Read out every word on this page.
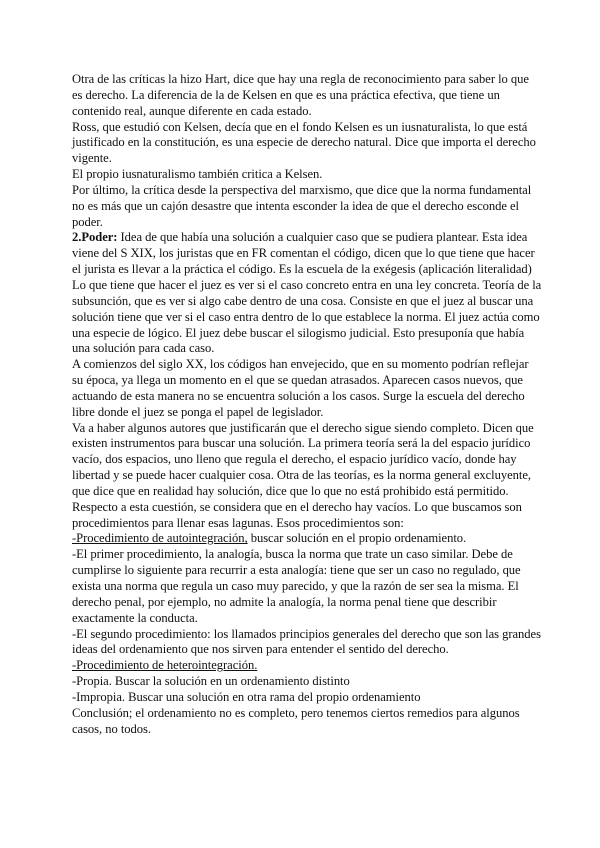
Otra de las críticas la hizo Hart, dice que hay una regla de reconocimiento para saber lo que es derecho. La diferencia de la de Kelsen en que es una práctica efectiva, que tiene un contenido real, aunque diferente en cada estado.

Ross, que estudió con Kelsen, decía que en el fondo Kelsen es un iusnaturalista, lo que está justificado en la constitución, es una especie de derecho natural. Dice que importa el derecho vigente.

El propio iusnaturalismo también critica a Kelsen.

Por último, la crítica desde la perspectiva del marxismo, que dice que la norma fundamental no es más que un cajón desastre que intenta esconder la idea de que el derecho esconde el poder.

2.Poder: Idea de que había una solución a cualquier caso que se pudiera plantear. Esta idea viene del S XIX, los juristas que en FR comentan el código, dicen que lo que tiene que hacer el jurista es llevar a la práctica el código. Es la escuela de la exégesis (aplicación literalidad) Lo que tiene que hacer el juez es ver si el caso concreto entra en una ley concreta. Teoría de la subsunción, que es ver si algo cabe dentro de una cosa. Consiste en que el juez al buscar una solución tiene que ver si el caso entra dentro de lo que establece la norma. El juez actúa como una especie de lógico. El juez debe buscar el silogismo judicial. Esto presuponía que había una solución para cada caso.

A comienzos del siglo XX, los códigos han envejecido, que en su momento podrían reflejar su época, ya llega un momento en el que se quedan atrasados. Aparecen casos nuevos, que actuando de esta manera no se encuentra solución a los casos. Surge la escuela del derecho libre donde el juez se ponga el papel de legislador.

Va a haber algunos autores que justificarán que el derecho sigue siendo completo. Dicen que existen instrumentos para buscar una solución. La primera teoría será la del espacio jurídico vacío, dos espacios, uno lleno que regula el derecho, el espacio jurídico vacío, donde hay libertad y se puede hacer cualquier cosa. Otra de las teorías, es la norma general excluyente, que dice que en realidad hay solución, dice que lo que no está prohibido está permitido.

Respecto a esta cuestión, se considera que en el derecho hay vacíos. Lo que buscamos son procedimientos para llenar esas lagunas. Esos procedimientos son:

-Procedimiento de autointegración, buscar solución en el propio ordenamiento.

-El primer procedimiento, la analogía, busca la norma que trate un caso similar. Debe de cumplirse lo siguiente para recurrir a esta analogía: tiene que ser un caso no regulado, que exista una norma que regula un caso muy parecido, y que la razón de ser sea la misma. El derecho penal, por ejemplo, no admite la analogía, la norma penal tiene que describir exactamente la conducta.

-El segundo procedimiento: los llamados principios generales del derecho que son las grandes ideas del ordenamiento que nos sirven para entender el sentido del derecho.

-Procedimiento de heterointegración.

-Propia. Buscar la solución en un ordenamiento distinto

-Impropia. Buscar una solución en otra rama del propio ordenamiento

Conclusión; el ordenamiento no es completo, pero tenemos ciertos remedios para algunos casos, no todos.
